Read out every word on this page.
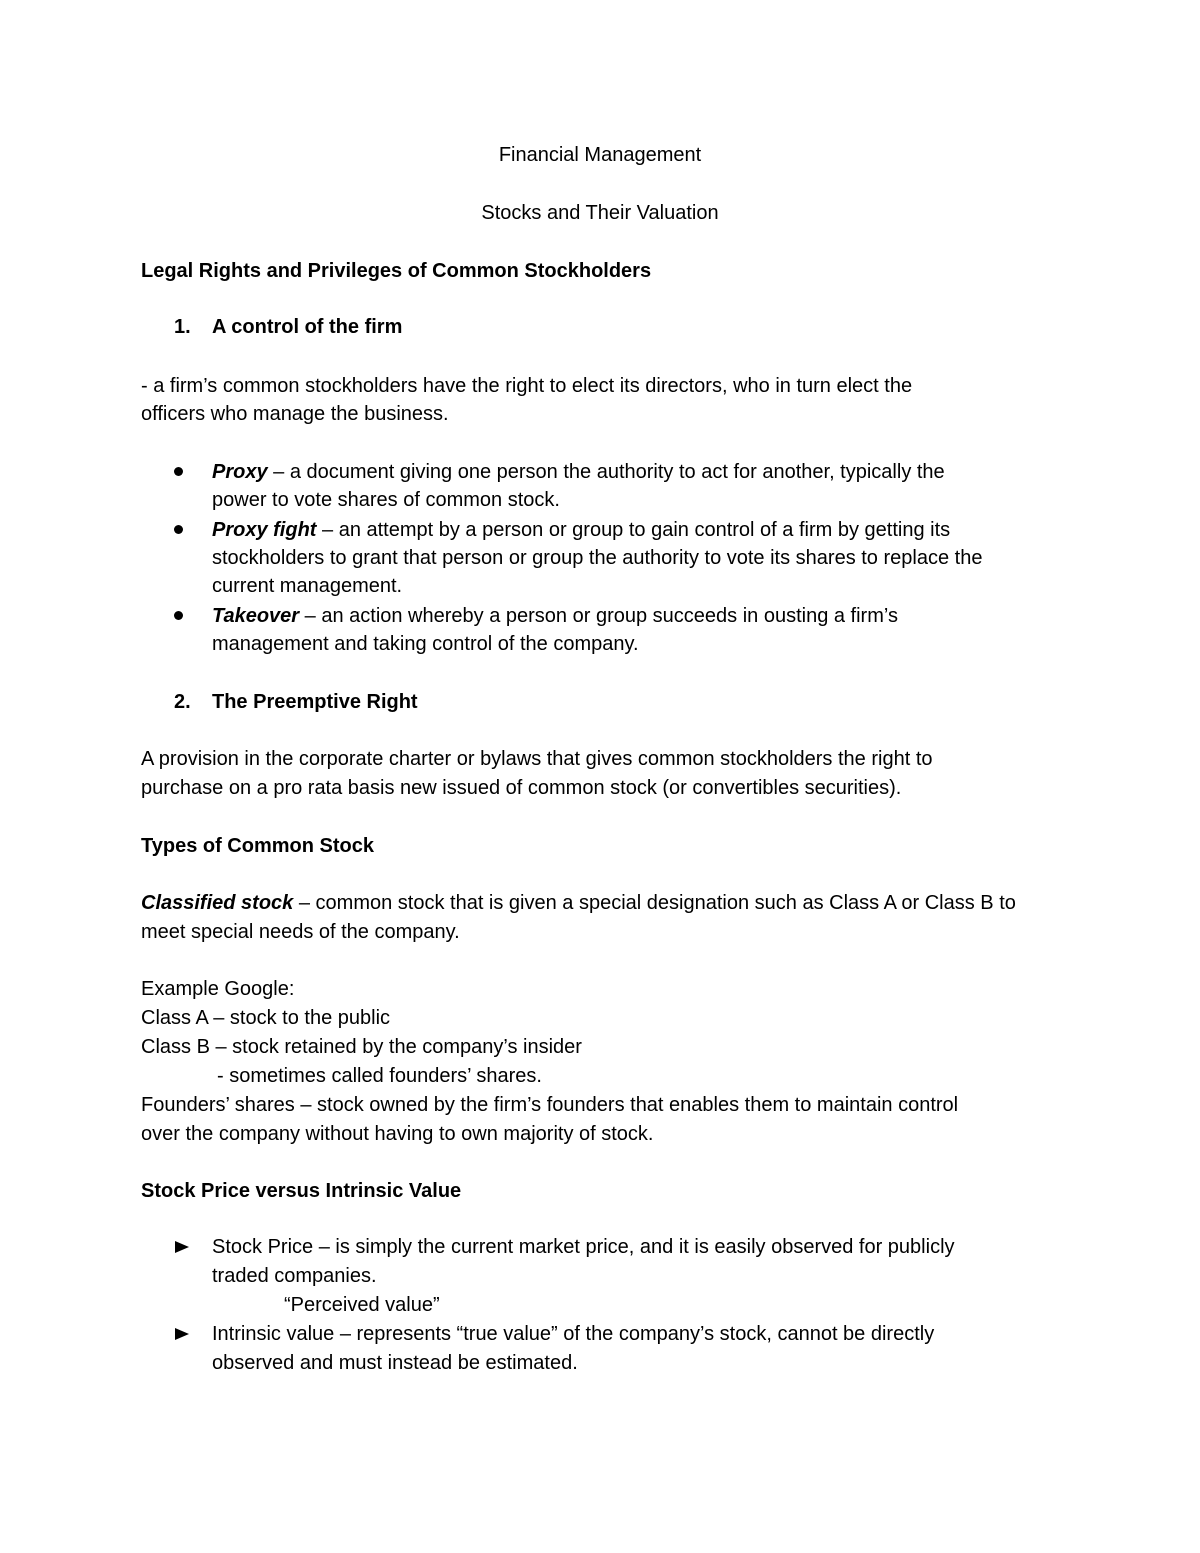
Financial Management
Stocks and Their Valuation
Legal Rights and Privileges of Common Stockholders
1. A control of the firm
- a firm’s common stockholders have the right to elect its directors, who in turn elect the
officers who manage the business.
Proxy – a document giving one person the authority to act for another, typically the
power to vote shares of common stock.
Proxy fight – an attempt by a person or group to gain control of a firm by getting its
stockholders to grant that person or group the authority to vote its shares to replace the
current management.
Takeover – an action whereby a person or group succeeds in ousting a firm’s
management and taking control of the company.
2. The Preemptive Right
A provision in the corporate charter or bylaws that gives common stockholders the right to
purchase on a pro rata basis new issued of common stock (or convertibles securities).
Types of Common Stock
Classified stock – common stock that is given a special designation such as Class A or Class B to
meet special needs of the company.
Example Google:
Class A – stock to the public
Class B – stock retained by the company’s insider
- sometimes called founders’ shares.
Founders’ shares – stock owned by the firm’s founders that enables them to maintain control
over the company without having to own majority of stock.
Stock Price versus Intrinsic Value
Stock Price – is simply the current market price, and it is easily observed for publicly
traded companies.
“Perceived value”
Intrinsic value – represents “true value” of the company’s stock, cannot be directly
observed and must instead be estimated.
